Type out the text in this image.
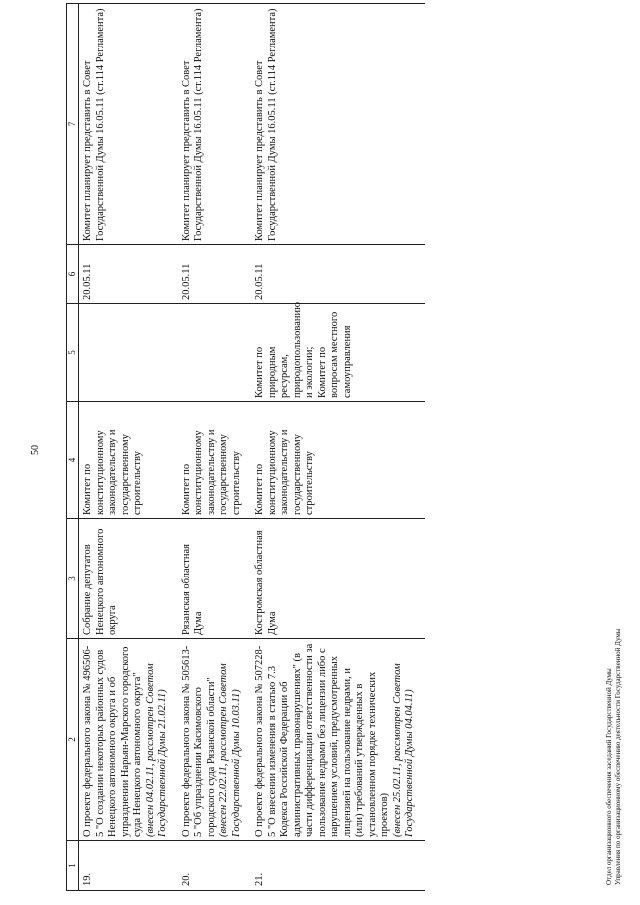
50
1	2	3	4	5	6	7
19.	О проекте федерального закона № 496506-5 "О создании некоторых районных судов Ненецкого автономного округа и об упразднении Нарьян-Марского городского суда Ненецкого автономного округа" (внесен 04.02.11, рассмотрен Советом Государственной Думы 21.02.11)	Собрание депутатов Ненецкого автономного округа	Комитет по конституционному законодательству и государственному строительству		20.05.11	Комитет планирует представить в Совет Государственной Думы 16.05.11 (ст.114 Регламента)
20.	О проекте федерального закона № 505613-5 "Об упразднении Касимовского городского суда Рязанской области" (внесен 22.02.11, рассмотрен Советом Государственной Думы 10.03.11)	Рязанская областная Дума	Комитет по конституционному законодательству и государственному строительству		20.05.11	Комитет планирует представить в Совет Государственной Думы 16.05.11 (ст.114 Регламента)
21.	О проекте федерального закона № 507228-5 "О внесении изменения в статью 7.3 Кодекса Российской Федерации об административных правонарушениях" (в части дифференциации ответственности за пользование недрами без лицензии либо с нарушением условий, предусмотренных лицензией на пользование недрами, и (или) требований утвержденных в установленном порядке технических проектов) (внесен 25.02.11, рассмотрен Советом Государственной Думы 04.04.11)	Костромская областная Дума	Комитет по конституционному законодательству и государственному строительству	Комитет по природным ресурсам, природопользованию и экологии; Комитет по вопросам местного самоуправления	20.05.11	Комитет планирует представить в Совет Государственной Думы 16.05.11 (ст.114 Регламента)
Отдел организационного обеспечения заседаний Государственной Думы Управления по организационному обеспечению деятельности Государственной Думы
